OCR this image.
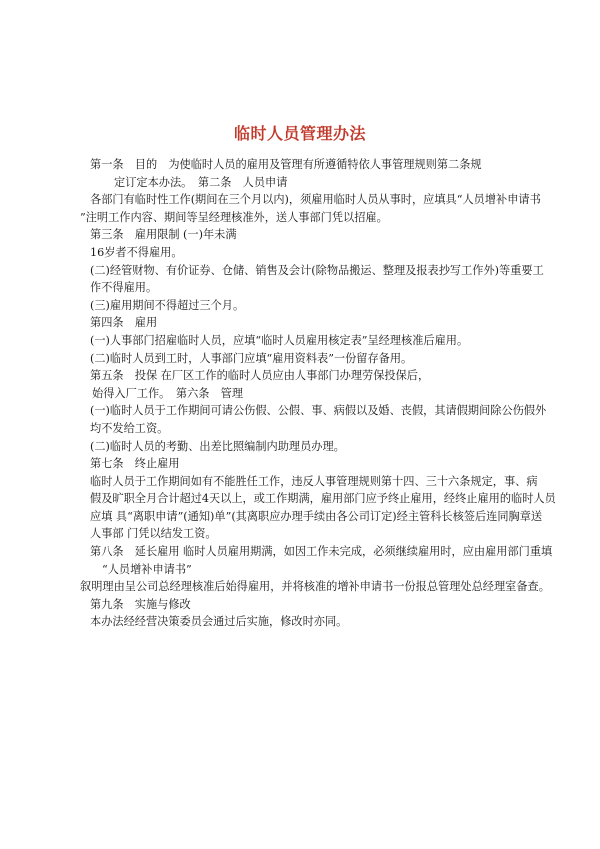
临时人员管理办法
第一条　目的　为使临时人员的雇用及管理有所遵循特依人事管理规则第二条规
定订定本办法。　第二条　人员申请
各部门有临时性工作(期间在三个月以内)，须雇用临时人员从事时，应填具“人员增补申请书
”注明工作内容、期间等呈经理核准外，送人事部门凭以招雇。
第三条　雇用限制 (一)年未满
16岁者不得雇用。
(二)经管财物、有价证券、仓储、销售及会计(除物品搬运、整理及报表抄写工作外)等重要工
作不得雇用。
(三)雇用期间不得超过三个月。
第四条　雇用
(一)人事部门招雇临时人员，应填“临时人员雇用核定表”呈经理核准后雇用。
(二)临时人员到工时，人事部门应填“雇用资料表”一份留存备用。
第五条　投保 在厂区工作的临时人员应由人事部门办理劳保投保后，
始得入厂工作。　第六条　管理
(一)临时人员于工作期间可请公伤假、公假、事、病假以及婚、丧假，其请假期间除公伤假外
均不发给工资。
(二)临时人员的考勤、出差比照编制内助理员办理。
第七条　终止雇用
临时人员于工作期间如有不能胜任工作，违反人事管理规则第十四、三十六条规定，事、病
假及旷职全月合计超过4天以上，或工作期满，雇用部门应予终止雇用，经终止雇用的临时人员
应填 具“离职申请”(通知)单”(其离职应办理手续由各公司订定)经主管科长核签后连同胸章送
人事部 门凭以结发工资。
第八条　延长雇用 临时人员雇用期满，如因工作未完成，必须继续雇用时，应由雇用部门重填
“人员增补申请书”
叙明理由呈公司总经理核准后始得雇用，并将核准的增补申请书一份报总管理处总经理室备查。
第九条　实施与修改
本办法经经营决策委员会通过后实施，修改时亦同。
